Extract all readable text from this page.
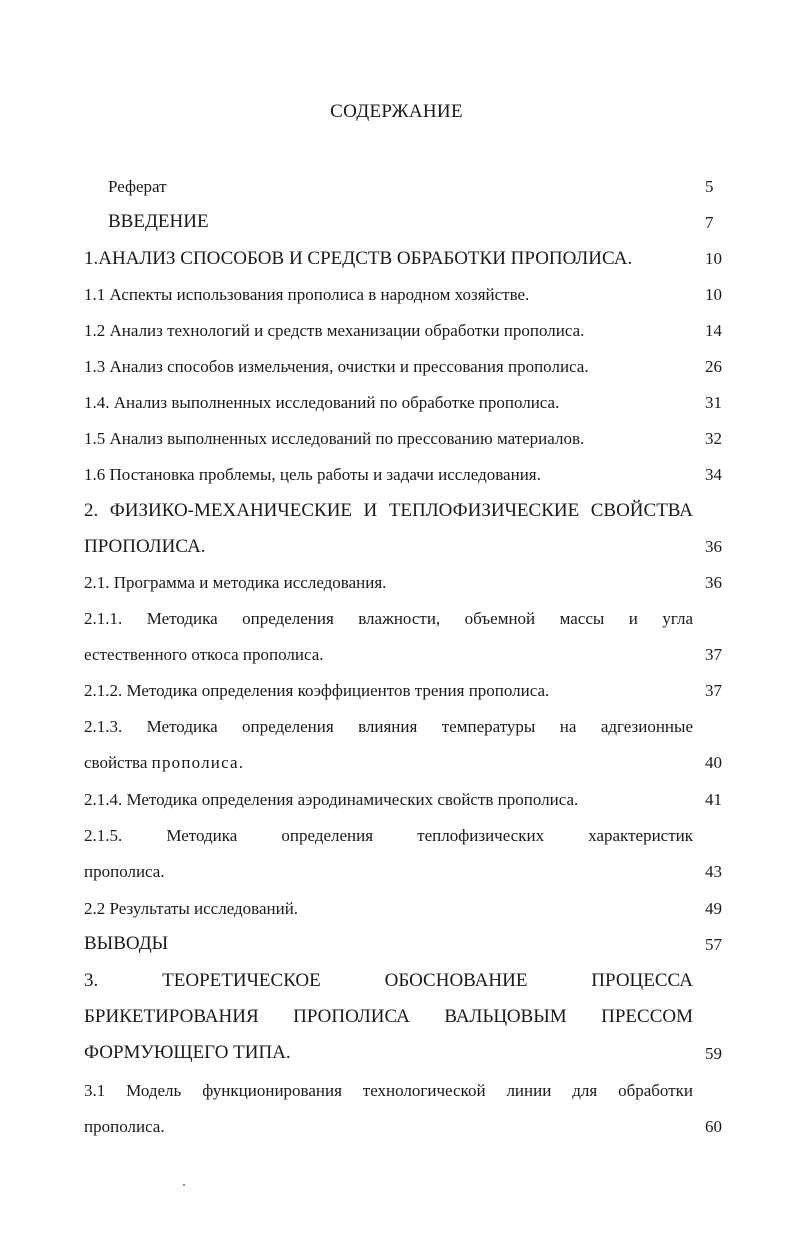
СОДЕРЖАНИЕ
Реферат	5
ВВЕДЕНИЕ	7
1.АНАЛИЗ СПОСОБОВ И СРЕДСТВ ОБРАБОТКИ ПРОПОЛИСА.	10
1.1 Аспекты использования прополиса в народном хозяйстве.	10
1.2 Анализ технологий и средств механизации обработки прополиса.	14
1.3 Анализ способов измельчения, очистки и прессования прополиса.	26
1.4. Анализ выполненных исследований по обработке прополиса.	31
1.5 Анализ выполненных исследований по прессованию материалов.	32
1.6 Постановка проблемы, цель работы и задачи исследования.	34
2. ФИЗИКО-МЕХАНИЧЕСКИЕ И ТЕПЛОФИЗИЧЕСКИЕ СВОЙСТВА
ПРОПОЛИСА.	36
2.1. Программа и методика исследования.	36
2.1.1. Методика определения влажности, объемной массы и угла
естественного откоса прополиса.	37
2.1.2. Методика определения коэффициентов трения прополиса.	37
2.1.3. Методика определения влияния температуры на адгезионные
свойства прополиса.	40
2.1.4. Методика определения аэродинамических свойств прополиса.	41
2.1.5. Методика определения теплофизических характеристик
прополиса.	43
2.2 Результаты исследований.	49
ВЫВОДЫ	57
3. ТЕОРЕТИЧЕСКОЕ ОБОСНОВАНИЕ ПРОЦЕССА
БРИКЕТИРОВАНИЯ ПРОПОЛИСА ВАЛЬЦОВЫМ ПРЕССОМ
ФОРМУЮЩЕГО ТИПА.	59
3.1 Модель функционирования технологической линии для обработки
прополиса.	60
